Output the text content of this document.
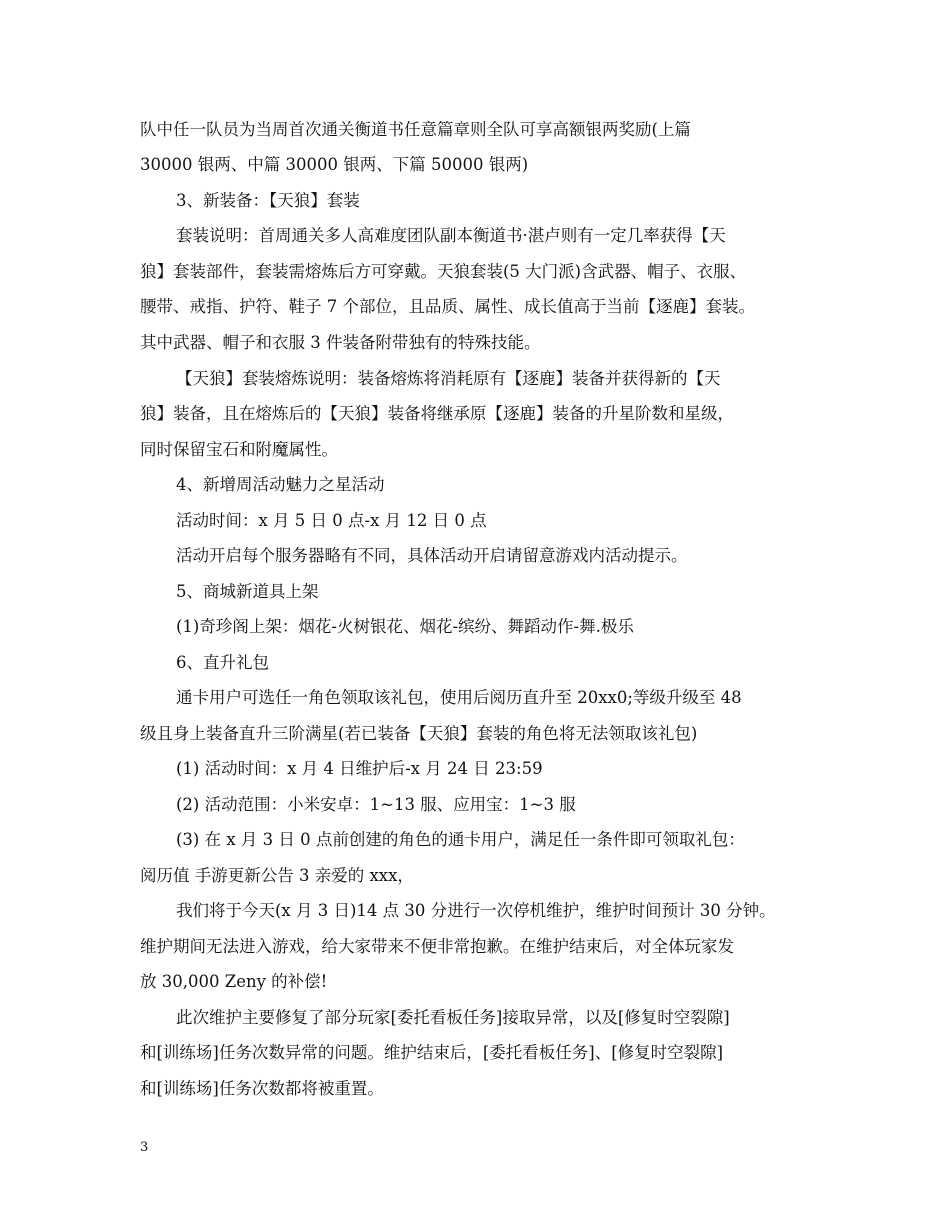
队中任一队员为当周首次通关衡道书任意篇章则全队可享高额银两奖励(上篇
30000 银两、中篇 30000 银两、下篇 50000 银两)
3、新装备：【天狼】套装
套装说明：首周通关多人高难度团队副本衡道书·湛卢则有一定几率获得【天
狼】套装部件，套装需熔炼后方可穿戴。天狼套装(5 大门派)含武器、帽子、衣服、
腰带、戒指、护符、鞋子 7 个部位，且品质、属性、成长值高于当前【逐鹿】套装。
其中武器、帽子和衣服 3 件装备附带独有的特殊技能。
【天狼】套装熔炼说明：装备熔炼将消耗原有【逐鹿】装备并获得新的【天
狼】装备，且在熔炼后的【天狼】装备将继承原【逐鹿】装备的升星阶数和星级，
同时保留宝石和附魔属性。
4、新增周活动魅力之星活动
活动时间：x 月 5 日 0 点-x 月 12 日 0 点
活动开启每个服务器略有不同，具体活动开启请留意游戏内活动提示。
5、商城新道具上架
(1)奇珍阁上架：烟花-火树银花、烟花-缤纷、舞蹈动作-舞.极乐
6、直升礼包
通卡用户可选任一角色领取该礼包，使用后阅历直升至 20xx0;等级升级至 48
级且身上装备直升三阶满星(若已装备【天狼】套装的角色将无法领取该礼包)
(1) 活动时间：x 月 4 日维护后-x 月 24 日 23:59
(2) 活动范围：小米安卓：1~13 服、应用宝：1~3 服
(3) 在 x 月 3 日 0 点前创建的角色的通卡用户，满足任一条件即可领取礼包：
阅历值 手游更新公告 3 亲爱的 xxx，
我们将于今天(x 月 3 日)14 点 30 分进行一次停机维护，维护时间预计 30 分钟。
维护期间无法进入游戏，给大家带来不便非常抱歉。在维护结束后，对全体玩家发
放 30,000 Zeny 的补偿!
此次维护主要修复了部分玩家[委托看板任务]接取异常，以及[修复时空裂隙]
和[训练场]任务次数异常的问题。维护结束后，[委托看板任务]、[修复时空裂隙]
和[训练场]任务次数都将被重置。
3
